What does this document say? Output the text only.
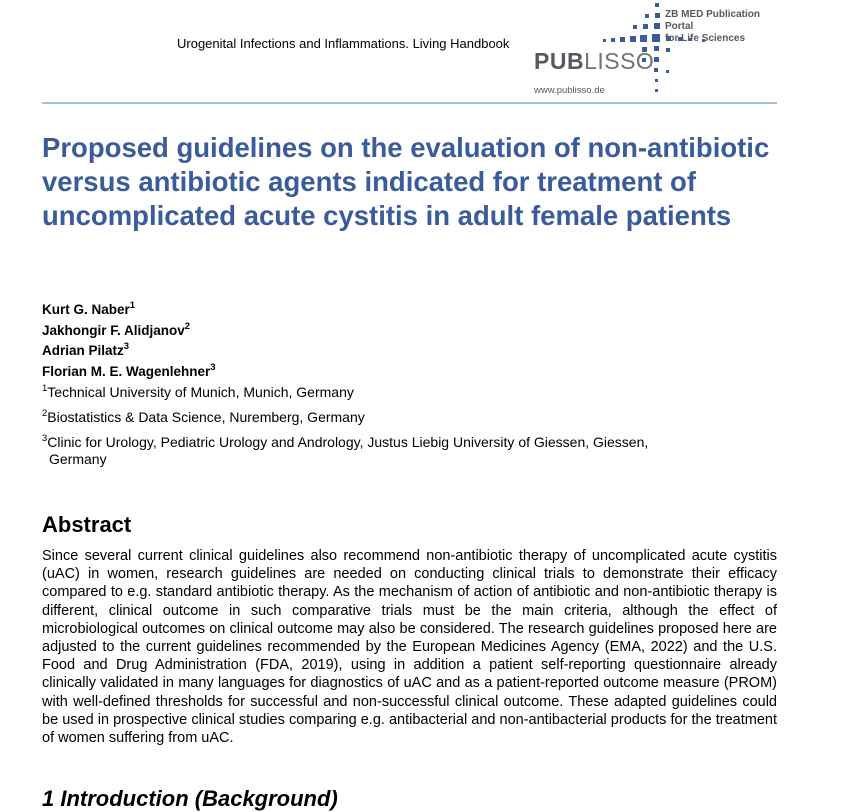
Urogenital Infections and Inflammations. Living Handbook
PUBLISSO
ZB MED Publication Portal
for Life Sciences
www.publisso.de
Proposed guidelines on the evaluation of non-antibiotic versus antibiotic agents indicated for treatment of uncomplicated acute cystitis in adult female patients
Kurt G. Naber$^1$
Jakhongir F. Alidjanov$^2$
Adrian Pilatz$^3$
Florian M. E. Wagenlehner$^3$
$^1$Technical University of Munich, Munich, Germany
$^2$Biostatistics & Data Science, Nuremberg, Germany
$^3$Clinic for Urology, Pediatric Urology and Andrology, Justus Liebig University of Giessen, Giessen,
Germany
Abstract
Since several current clinical guidelines also recommend non-antibiotic therapy of uncomplicated acute cystitis (uAC) in women, research guidelines are needed on conducting clinical trials to demonstrate their efficacy compared to e.g. standard antibiotic therapy. As the mechanism of action of antibiotic and non-antibiotic therapy is different, clinical outcome in such comparative trials must be the main criteria, although the effect of microbiological outcomes on clinical outcome may also be considered. The research guidelines proposed here are adjusted to the current guidelines recommended by the European Medicines Agency (EMA, 2022) and the U.S. Food and Drug Administration (FDA, 2019), using in addition a patient self-reporting questionnaire already clinically validated in many languages for diagnostics of uAC and as a patient-reported outcome measure (PROM) with well-defined thresholds for successful and non-successful clinical outcome. These adapted guidelines could be used in prospective clinical studies comparing e.g. antibacterial and non-antibacterial products for the treatment of women suffering from uAC.
1 Introduction (Background)
